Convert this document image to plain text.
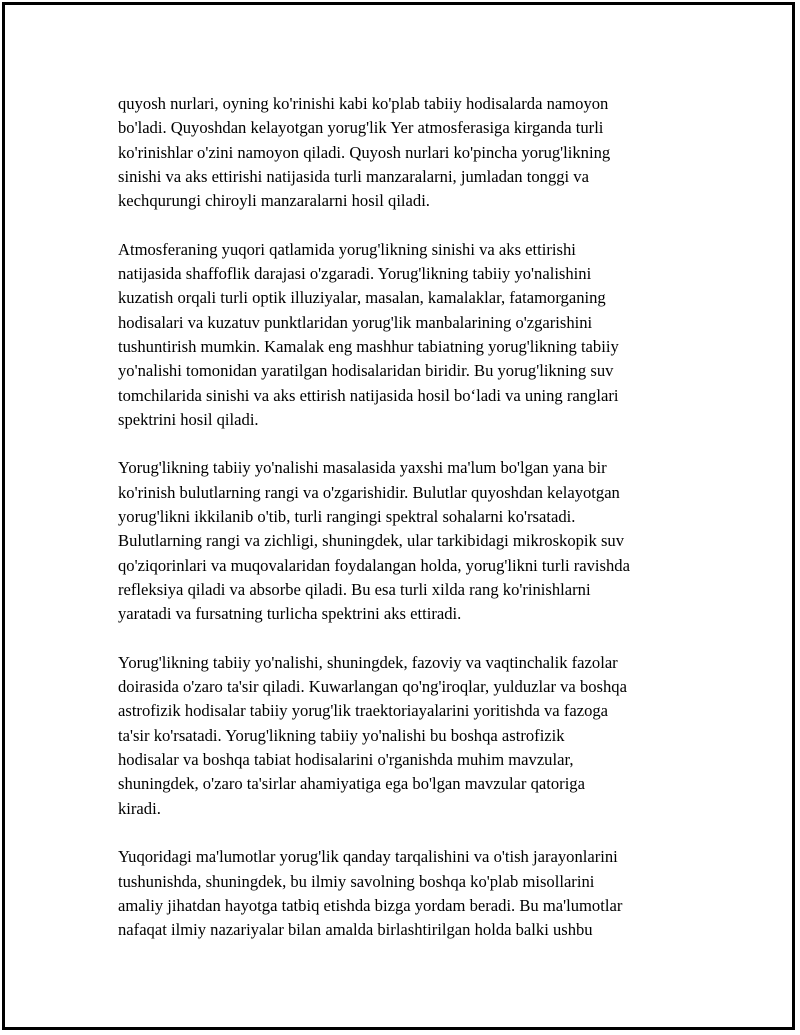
quyosh nurlari, oyning ko'rinishi kabi ko'plab tabiiy hodisalarda namoyon
bo'ladi. Quyoshdan kelayotgan yorug'lik Yer atmosferasiga kirganda turli
ko'rinishlar o'zini namoyon qiladi. Quyosh nurlari ko'pincha yorug'likning
sinishi va aks ettirishi natijasida turli manzaralarni, jumladan tonggi va
kechqurungi chiroyli manzaralarni hosil qiladi.

Atmosferaning yuqori qatlamida yorug'likning sinishi va aks ettirishi
natijasida shaffoflik darajasi o'zgaradi. Yorug'likning tabiiy yo'nalishini
kuzatish orqali turli optik illuziyalar, masalan, kamalaklar, fatamorganing
hodisalari va kuzatuv punktlaridan yorug'lik manbalarining o'zgarishini
tushuntirish mumkin. Kamalak eng mashhur tabiatning yorug'likning tabiiy
yo'nalishi tomonidan yaratilgan hodisalaridan biridir. Bu yorug'likning suv
tomchilarida sinishi va aks ettirish natijasida hosil bo‘ladi va uning ranglari
spektrini hosil qiladi.

Yorug'likning tabiiy yo'nalishi masalasida yaxshi ma'lum bo'lgan yana bir
ko'rinish bulutlarning rangi va o'zgarishidir. Bulutlar quyoshdan kelayotgan
yorug'likni ikkilanib o'tib, turli rangingi spektral sohalarni ko'rsatadi.
Bulutlarning rangi va zichligi, shuningdek, ular tarkibidagi mikroskopik suv
qo'ziqorinlari va muqovalaridan foydalangan holda, yorug'likni turli ravishda
refleksiya qiladi va absorbe qiladi. Bu esa turli xilda rang ko'rinishlarni
yaratadi va fursatning turlicha spektrini aks ettiradi.

Yorug'likning tabiiy yo'nalishi, shuningdek, fazoviy va vaqtinchalik fazolar
doirasida o'zaro ta'sir qiladi. Kuwarlangan qo'ng'iroqlar, yulduzlar va boshqa
astrofizik hodisalar tabiiy yorug'lik traektoriayalarini yoritishda va fazoga
ta'sir ko'rsatadi. Yorug'likning tabiiy yo'nalishi bu boshqa astrofizik
hodisalar va boshqa tabiat hodisalarini o'rganishda muhim mavzular,
shuningdek, o'zaro ta'sirlar ahamiyatiga ega bo'lgan mavzular qatoriga
kiradi.

Yuqoridagi ma'lumotlar yorug'lik qanday tarqalishini va o'tish jarayonlarini
tushunishda, shuningdek, bu ilmiy savolning boshqa ko'plab misollarini
amaliy jihatdan hayotga tatbiq etishda bizga yordam beradi. Bu ma'lumotlar
nafaqat ilmiy nazariyalar bilan amalda birlashtirilgan holda balki ushbu
